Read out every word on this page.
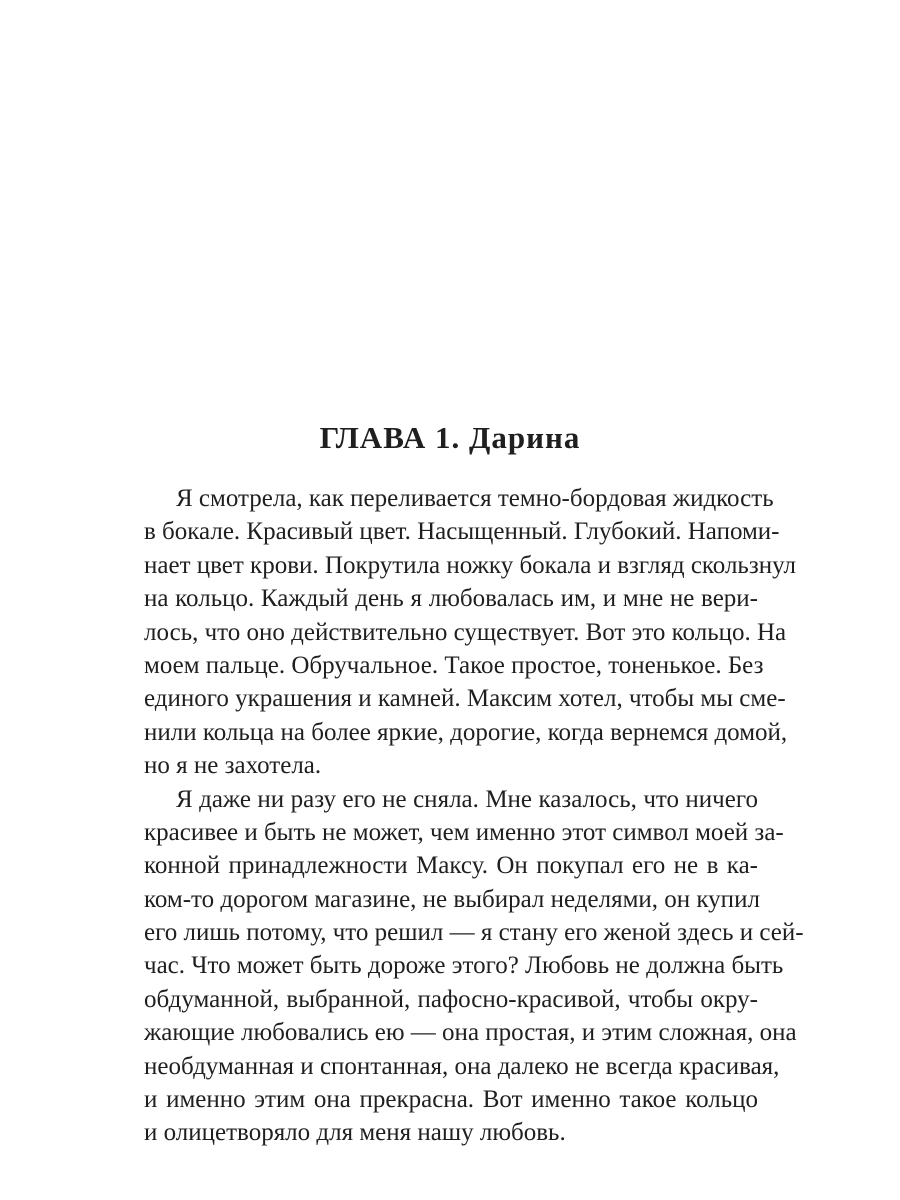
ГЛАВА 1. Дарина
Я смотрела, как переливается темно-бордовая жидкость
в бокале. Красивый цвет. Насыщенный. Глубокий. Напоми-
нает цвет крови. Покрутила ножку бокала и взгляд скользнул
на кольцо. Каждый день я любовалась им, и мне не вери-
лось, что оно действительно существует. Вот это кольцо. На
моем пальце. Обручальное. Такое простое, тоненькое. Без
единого украшения и камней. Максим хотел, чтобы мы сме-
нили кольца на более яркие, дорогие, когда вернемся домой,
но я не захотела.
Я даже ни разу его не сняла. Мне казалось, что ничего
красивее и быть не может, чем именно этот символ моей за-
конной принадлежности Максу. Он покупал его не в ка-
ком-то дорогом магазине, не выбирал неделями, он купил
его лишь потому, что решил — я стану его женой здесь и сей-
час. Что может быть дороже этого? Любовь не должна быть
обдуманной, выбранной, пафосно-красивой, чтобы окру-
жающие любовались ею — она простая, и этим сложная, она
необдуманная и спонтанная, она далеко не всегда красивая,
и именно этим она прекрасна. Вот именно такое кольцо
и олицетворяло для меня нашу любовь.
